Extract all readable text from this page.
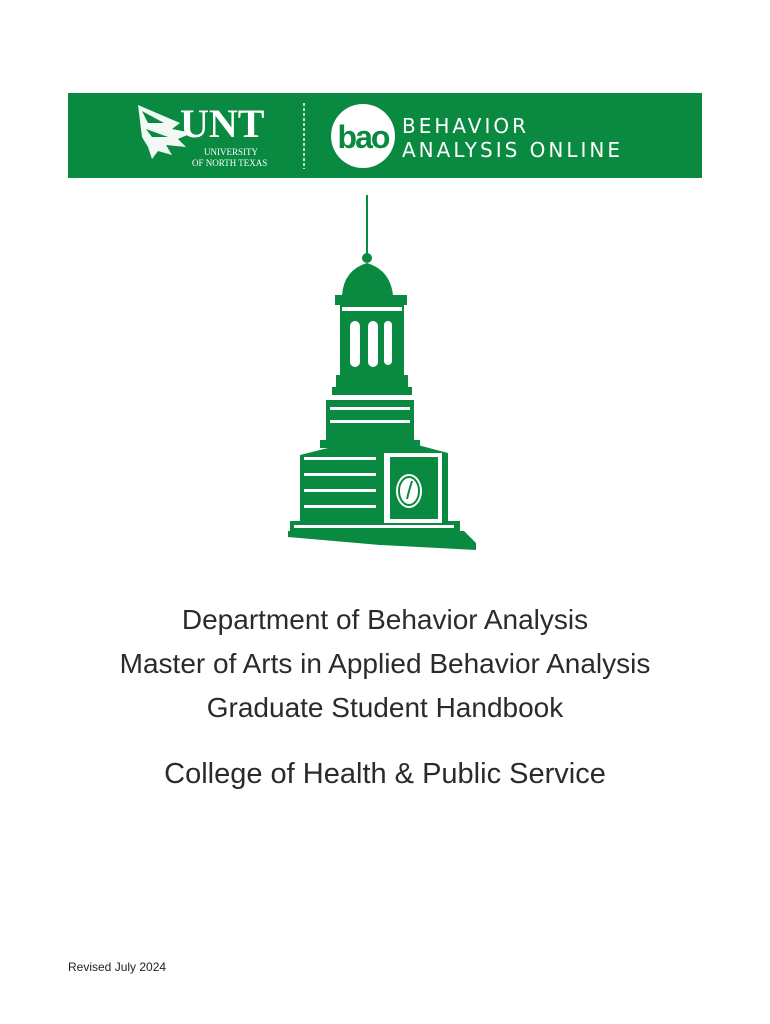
UNT
UNIVERSITY
OF NORTH TEXAS
bao BEHAVIOR
ANALYSIS ONLINE
Department of Behavior Analysis
Master of Arts in Applied Behavior Analysis
Graduate Student Handbook
College of Health & Public Service
Revised July 2024
